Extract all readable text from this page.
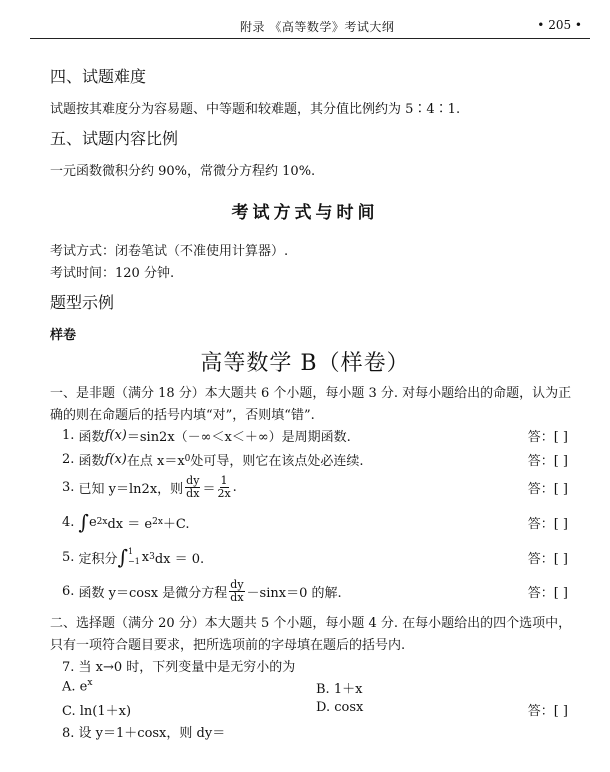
附录 《高等数学》考试大纲	• 205 •
四、试题难度
试题按其难度分为容易题、中等题和较难题，其分值比例约为 5∶4∶1.
五、试题内容比例
一元函数微积分约 90%，常微分方程约 10%.
考试方式与时间
考试方式：闭卷笔试（不准使用计算器）.
考试时间：120 分钟.
题型示例
样卷
高等数学 B（样卷）
一、是非题（满分 18 分）本大题共 6 个小题，每小题 3 分. 对每小题给出的命题，认为正
确的则在命题后的括号内填“对”，否则填“错”.
1.
函数 f(x) ＝sin2x（－∞＜x＜＋∞）是周期函数.	答：[ ]
2.
函数 f(x) 在点 x＝x 0 处可导，则它在该点处必连续.	答：[ ]
3.
已知 y＝ln2x，则 $\frac{dy}{dx} = \frac{1}{2x}$ .	答：[ ]
4.
∫ e 2x dx ＝ e 2x ＋C.	答：[ ]
5.
定积分 ∫ 1
−1 x 3 dx ＝ 0.	答：[ ]
6.
函数 y＝cosx 是微分方程 $\frac{dy}{dx} -\sin x=0$ 的解.	答：[ ]
二、选择题（满分 20 分）本大题共 5 个小题，每小题 4 分. 在每小题给出的四个选项中，
只有一项符合题目要求，把所选项前的字母填在题后的括号内.
7. 当 x→0 时，下列变量中是无穷小的为
A. $e^x$	B. 1＋x
C. ln(1＋x)	D. cosx	答：[ ]
8. 设 y＝1＋cosx，则 dy＝
